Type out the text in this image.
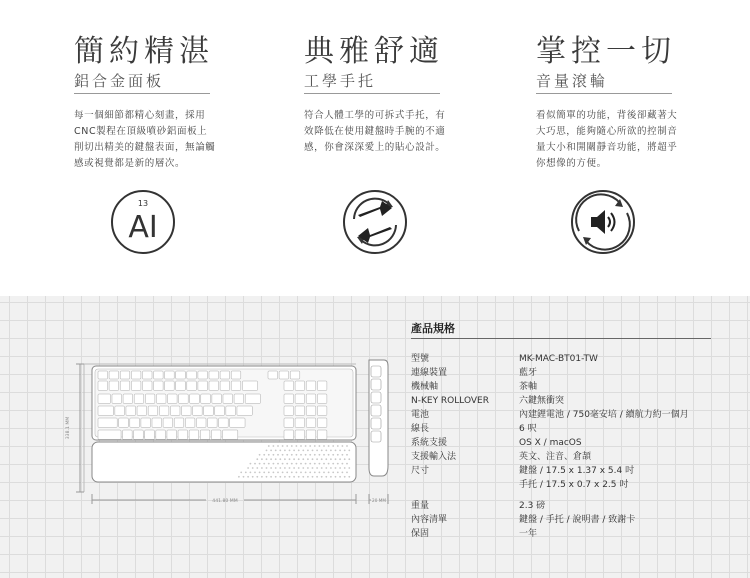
簡約精湛
鋁合金面板

每一個細節都精心刻畫，採用CNC製程在頂級噴砂鋁面板上削切出精美的鍵盤表面，無論觸感或視覺都是新的層次。

AI
13
典雅舒適
工學手托

符合人體工學的可拆式手托，有效降低在使用鍵盤時手腕的不適感，你會深深愛上的貼心設計。

掌控一切
音量滾輪

看似簡單的功能，背後卻藏著大大巧思，能夠隨心所欲的控制音量大小和開關靜音功能，將超乎你想像的方便。

441.80 MM
338.1 MM
20 MM
產品規格
型號	MK-MAC-BT01-TW
連線裝置	藍牙
機械軸	茶軸
N-KEY ROLLOVER	六鍵無衝突
電池	內建鋰電池 / 750毫安培 / 續航力約一個月
線長	6 呎
系統支援	OS X / macOS
支援輸入法	英文、注音、倉頡
尺寸	鍵盤 / 17.5 x 1.37 x 5.4 吋
手托 / 17.5 x 0.7 x 2.5 吋
重量	2.3 磅
內容清單	鍵盤 / 手托 / 說明書 / 致謝卡
保固	一年
